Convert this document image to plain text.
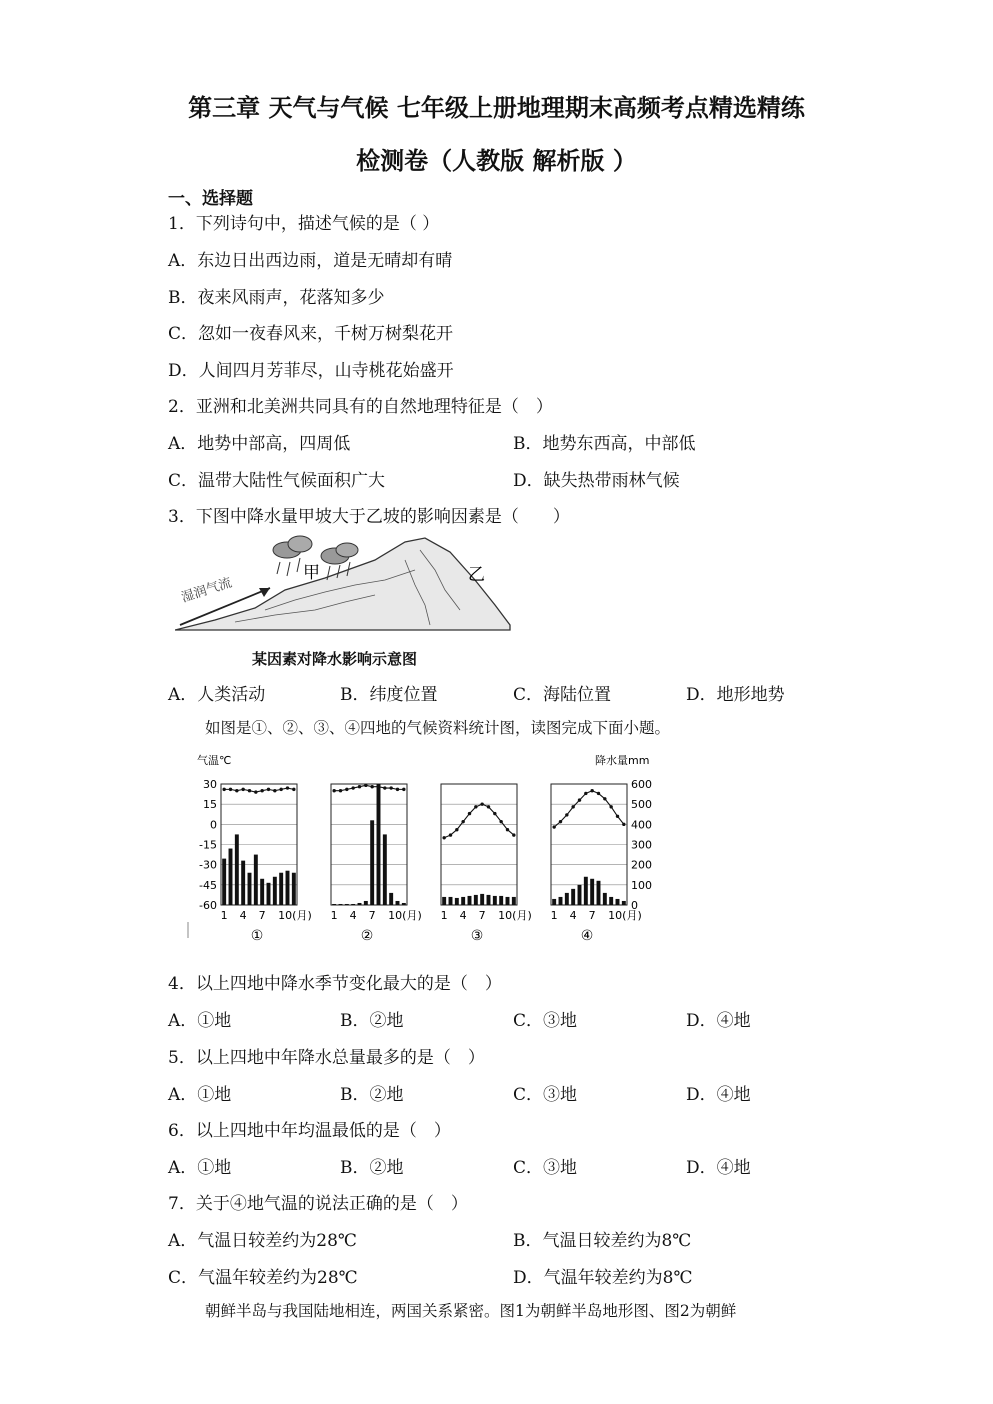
第三章 天气与气候 七年级上册地理期末高频考点精选精练
检测卷（人教版 解析版 ）
一、选择题
1．下列诗句中，描述气候的是（ ）
A．东边日出西边雨，道是无晴却有晴
B．夜来风雨声，花落知多少
C．忽如一夜春风来，千树万树梨花开
D．人间四月芳菲尽，山寺桃花始盛开
2．亚洲和北美洲共同具有的自然地理特征是（　）
A．地势中部高，四周低	B．地势东西高，中部低
C．温带大陆性气候面积广大	D．缺失热带雨林气候
3．下图中降水量甲坡大于乙坡的影响因素是（　　）
湿润气流
甲	乙
某因素对降水影响示意图
A．人类活动	B．纬度位置	C．海陆位置	D．地形地势
如图是①、②、③、④四地的气候资料统计图，读图完成下面小题。
气温℃	降水量mm
30
15
0
-15
-30
-45
-60
600
500
400
300
200
100
0
1 4 7 10(月)
①
1 4 7 10(月)
②
1 4 7 10(月)
③
1 4 7 10(月)
④
4．以上四地中降水季节变化最大的是（　）
A．①地	B．②地	C．③地	D．④地
5．以上四地中年降水总量最多的是（　）
A．①地	B．②地	C．③地	D．④地
6．以上四地中年均温最低的是（　）
A．①地	B．②地	C．③地	D．④地
7．关于④地气温的说法正确的是（　）
A．气温日较差约为28℃	B．气温日较差约为8℃
C．气温年较差约为28℃	D．气温年较差约为8℃
朝鲜半岛与我国陆地相连，两国关系紧密。图1为朝鲜半岛地形图、图2为朝鲜
